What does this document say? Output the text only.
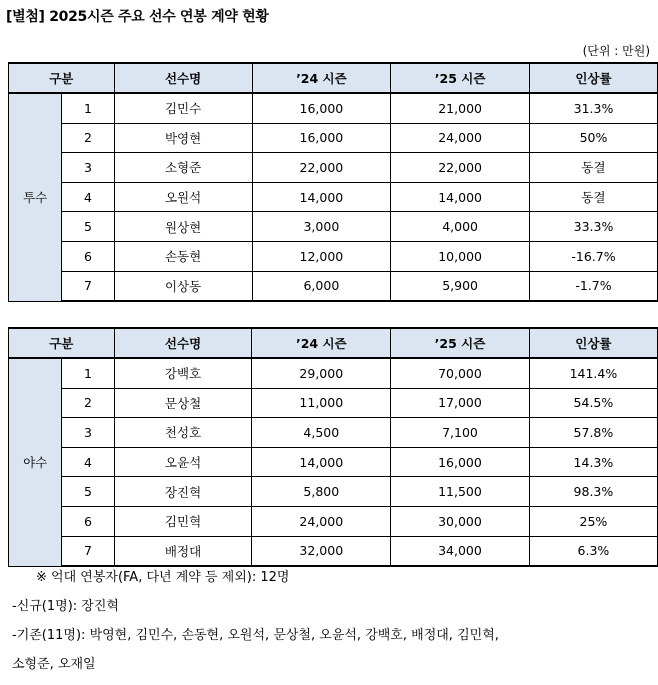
[별첨] 2025시즌 주요 선수 연봉 계약 현황
(단위 : 만원)
구분		선수명	’24 시즌	’25 시즌	인상률
투수	1	김민수	16,000	21,000	31.3%
	2	박영현	16,000	24,000	50%
	3	소형준	22,000	22,000	동결
	4	오원석	14,000	14,000	동결
	5	원상현	3,000	4,000	33.3%
	6	손동현	12,000	10,000	-16.7%
	7	이상동	6,000	5,900	-1.7%
구분		선수명	’24 시즌	’25 시즌	인상률
야수	1	강백호	29,000	70,000	141.4%
	2	문상철	11,000	17,000	54.5%
	3	천성호	4,500	7,100	57.8%
	4	오윤석	14,000	16,000	14.3%
	5	장진혁	5,800	11,500	98.3%
	6	김민혁	24,000	30,000	25%
	7	배정대	32,000	34,000	6.3%
※ 억대 연봉자(FA, 다년 계약 등 제외): 12명
-신규(1명): 장진혁
-기존(11명): 박영현, 김민수, 손동현, 오원석, 문상철, 오윤석, 강백호, 배정대, 김민혁,
소형준, 오재일
